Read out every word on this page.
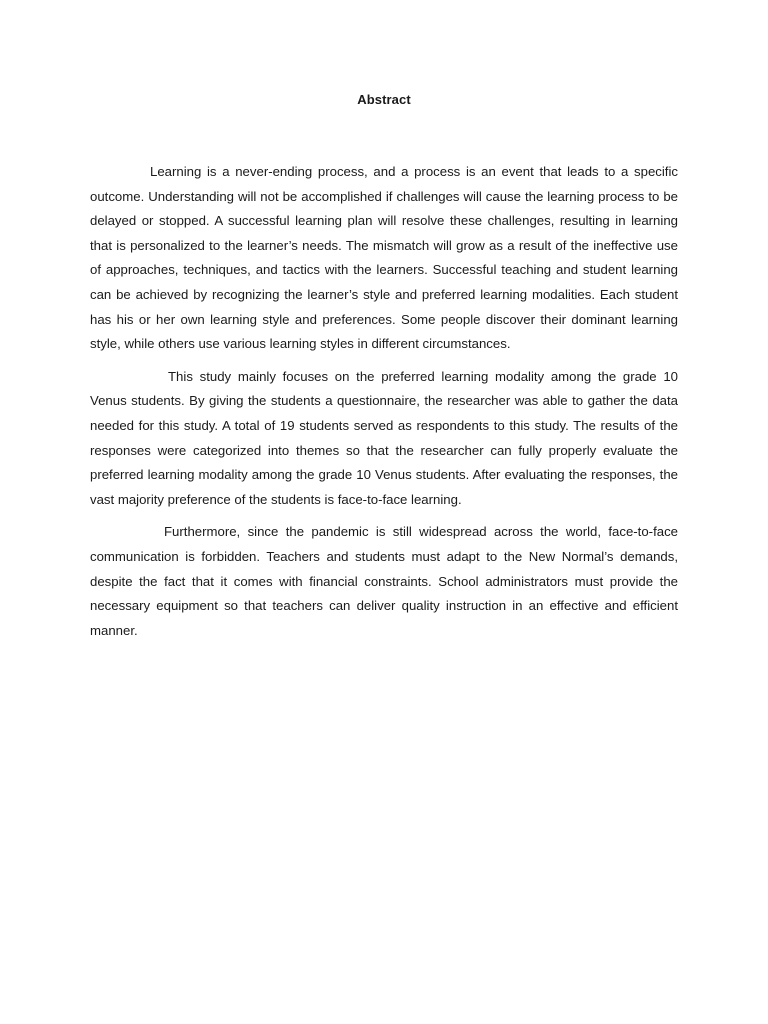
Abstract

Learning is a never-ending process, and a process is an event that leads to a specific outcome. Understanding will not be accomplished if challenges will cause the learning process to be delayed or stopped. A successful learning plan will resolve these challenges, resulting in learning that is personalized to the learner’s needs. The mismatch will grow as a result of the ineffective use of approaches, techniques, and tactics with the learners. Successful teaching and student learning can be achieved by recognizing the learner’s style and preferred learning modalities. Each student has his or her own learning style and preferences. Some people discover their dominant learning style, while others use various learning styles in different circumstances.

This study mainly focuses on the preferred learning modality among the grade 10 Venus students. By giving the students a questionnaire, the researcher was able to gather the data needed for this study. A total of 19 students served as respondents to this study. The results of the responses were categorized into themes so that the researcher can fully properly evaluate the preferred learning modality among the grade 10 Venus students. After evaluating the responses, the vast majority preference of the students is face-to-face learning.

Furthermore, since the pandemic is still widespread across the world, face-to-face communication is forbidden. Teachers and students must adapt to the New Normal’s demands, despite the fact that it comes with financial constraints. School administrators must provide the necessary equipment so that teachers can deliver quality instruction in an effective and efficient manner.
